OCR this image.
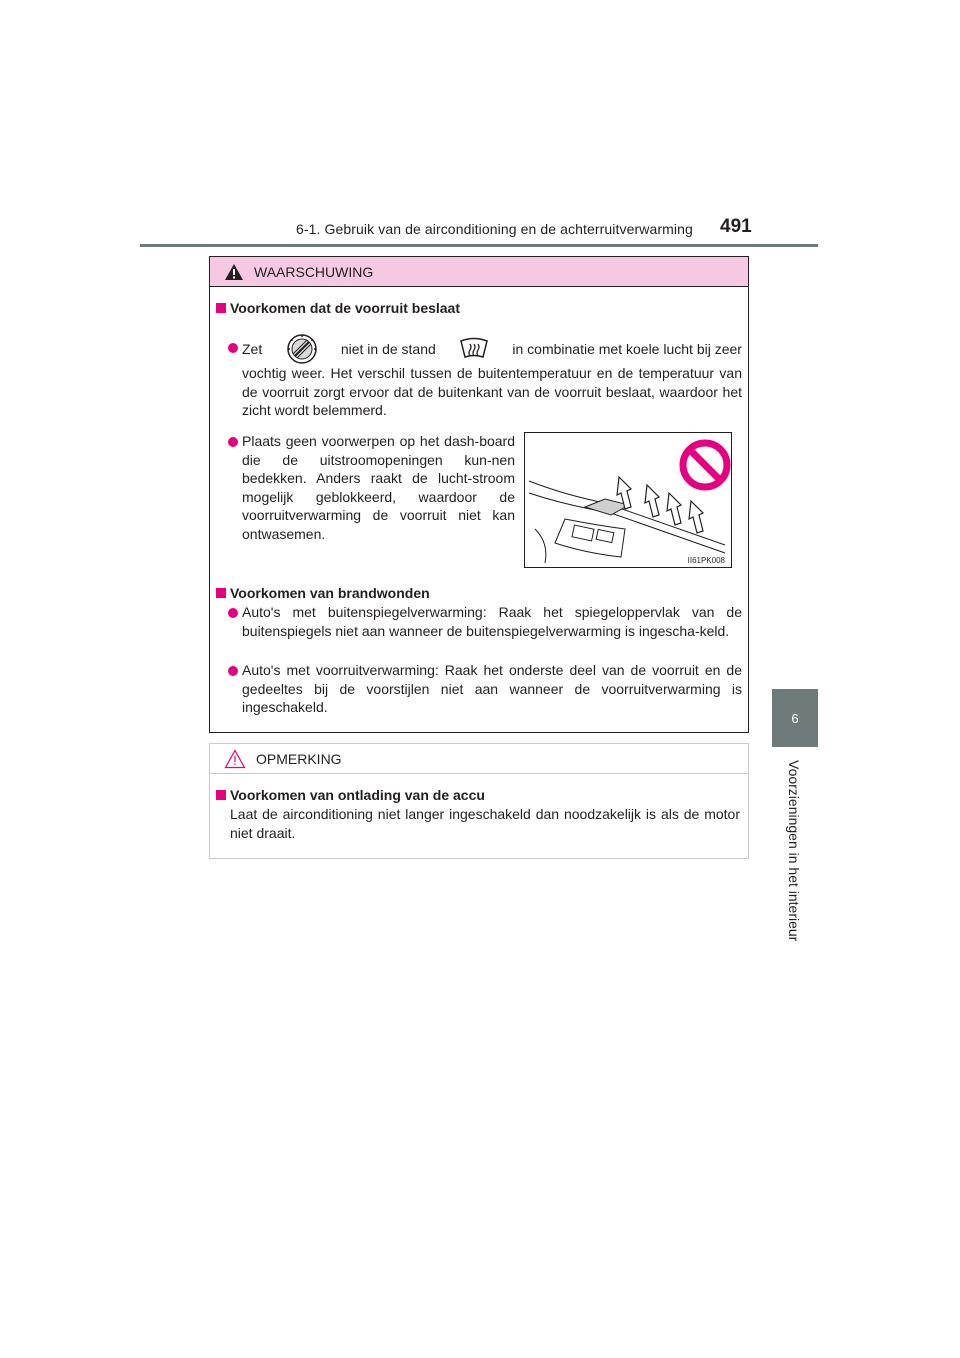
6-1. Gebruik van de airconditioning en de achterruitverwarming	491
6
Voorzieningen in het interieur
WAARSCHUWING
Voorkomen dat de voorruit beslaat
Zet	niet in de stand	in combinatie met koele lucht bij zeer
vochtig weer. Het verschil tussen de buitentemperatuur en de temperatuur van de voorruit zorgt ervoor dat de buitenkant van de voorruit beslaat, waardoor het zicht wordt belemmerd.
Plaats geen voorwerpen op het dash-board die de uitstroomopeningen kun-nen bedekken. Anders raakt de lucht-stroom mogelijk geblokkeerd, waardoor de voorruitverwarming de voorruit niet kan ontwasemen.
II61PK008
Voorkomen van brandwonden
Auto's met buitenspiegelverwarming: Raak het spiegeloppervlak van de buitenspiegels niet aan wanneer de buitenspiegelverwarming is ingescha-keld.
Auto's met voorruitverwarming: Raak het onderste deel van de voorruit en de gedeeltes bij de voorstijlen niet aan wanneer de voorruitverwarming is ingeschakeld.
OPMERKING
Voorkomen van ontlading van de accu
Laat de airconditioning niet langer ingeschakeld dan noodzakelijk is als de motor niet draait.
